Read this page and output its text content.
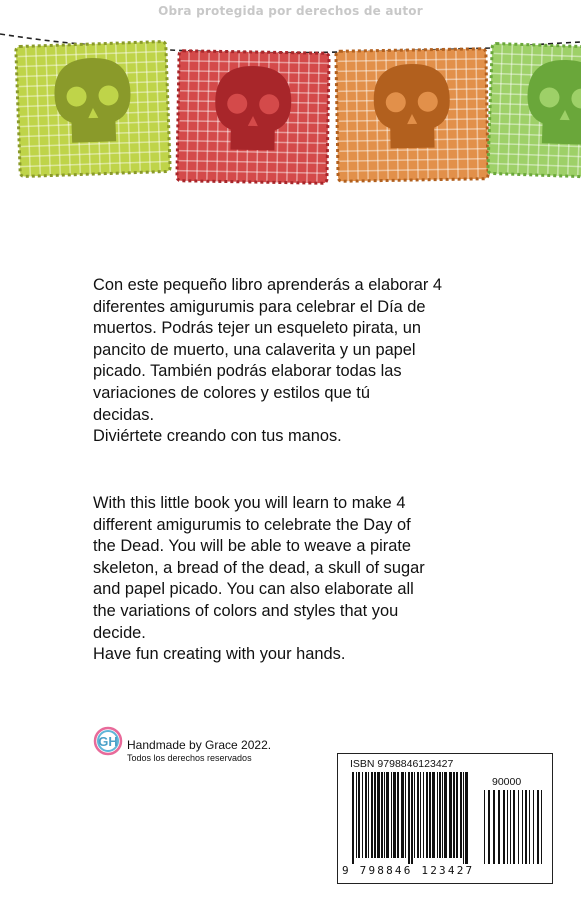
Obra protegida por derechos de autor
Con este pequeño libro aprenderás a elaborar 4
diferentes amigurumis para celebrar el Día de
muertos. Podrás tejer un esqueleto pirata, un
pancito de muerto, una calaverita y un papel
picado. También podrás elaborar todas las
variaciones de colores y estilos que tú
decidas.
Diviértete creando con tus manos.
With this little book you will learn to make 4
different amigurumis to celebrate the Day of
the Dead. You will be able to weave a pirate
skeleton, a bread of the dead, a skull of sugar
and papel picado. You can also elaborate all
the variations of colors and styles that you
decide.
Have fun creating with your hands.
GH Handmade by Grace 2022.
Todos los derechos reservados	ISBN 9798846123427
90000
9 798846 123427
